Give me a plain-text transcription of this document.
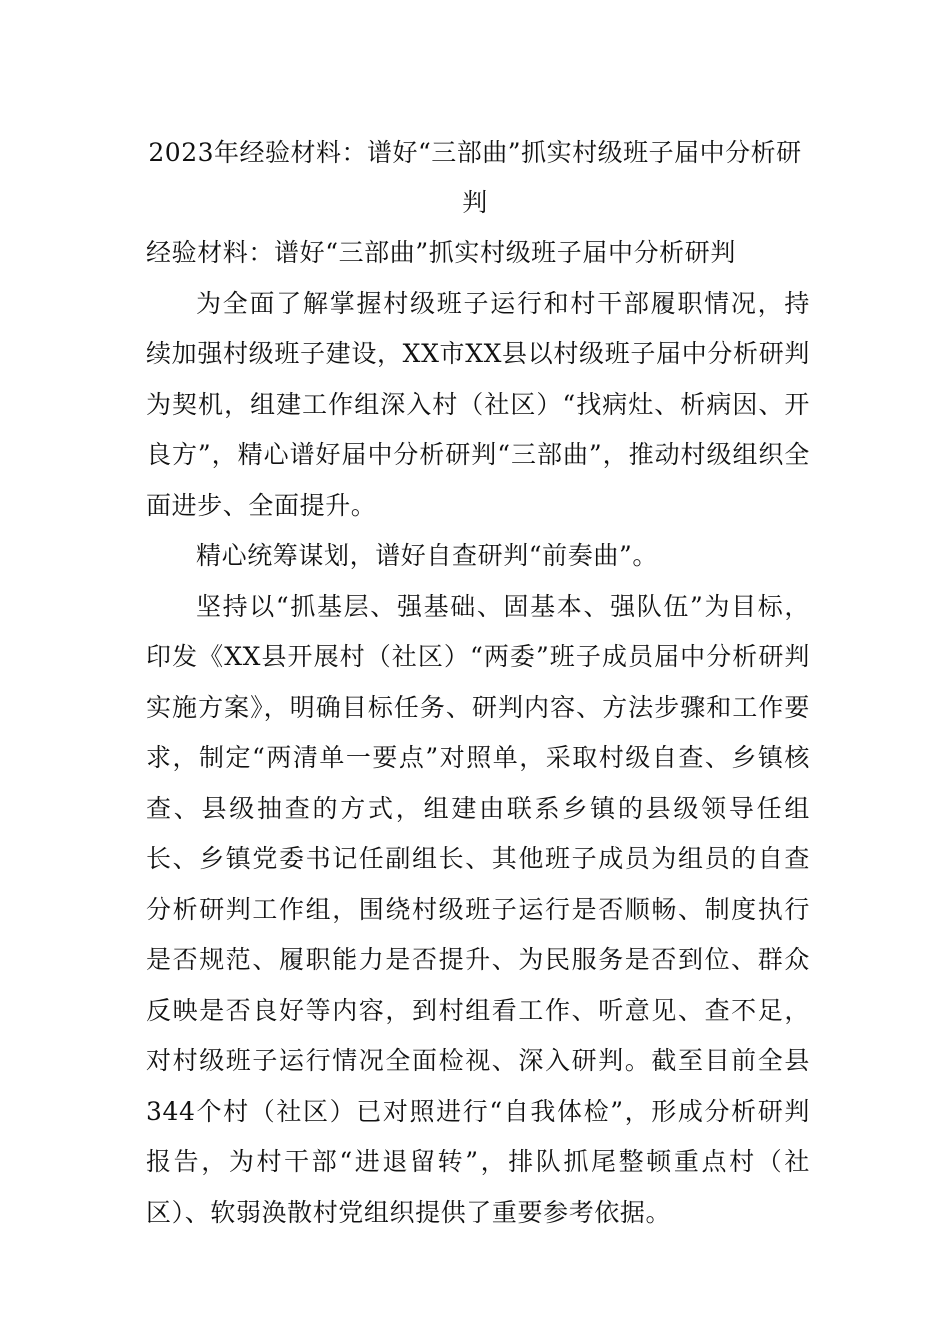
2023年经验材料：谱好“三部曲”抓实村级班子届中分析研判

经验材料：谱好“三部曲”抓实村级班子届中分析研判

为全面了解掌握村级班子运行和村干部履职情况，持续加强村级班子建设，XX市XX县以村级班子届中分析研判为契机，组建工作组深入村（社区）“找病灶、析病因、开良方”，精心谱好届中分析研判“三部曲”，推动村级组织全面进步、全面提升。

精心统筹谋划，谱好自查研判“前奏曲”。

坚持以“抓基层、强基础、固基本、强队伍”为目标，印发《XX县开展村（社区）“两委”班子成员届中分析研判实施方案》，明确目标任务、研判内容、方法步骤和工作要求，制定“两清单一要点”对照单，采取村级自查、乡镇核查、县级抽查的方式，组建由联系乡镇的县级领导任组长、乡镇党委书记任副组长、其他班子成员为组员的自查分析研判工作组，围绕村级班子运行是否顺畅、制度执行是否规范、履职能力是否提升、为民服务是否到位、群众反映是否良好等内容，到村组看工作、听意见、查不足，对村级班子运行情况全面检视、深入研判。截至目前全县344个村（社区）已对照进行“自我体检”，形成分析研判报告，为村干部“进退留转”，排队抓尾整顿重点村（社区）、软弱涣散村党组织提供了重要参考依据。
